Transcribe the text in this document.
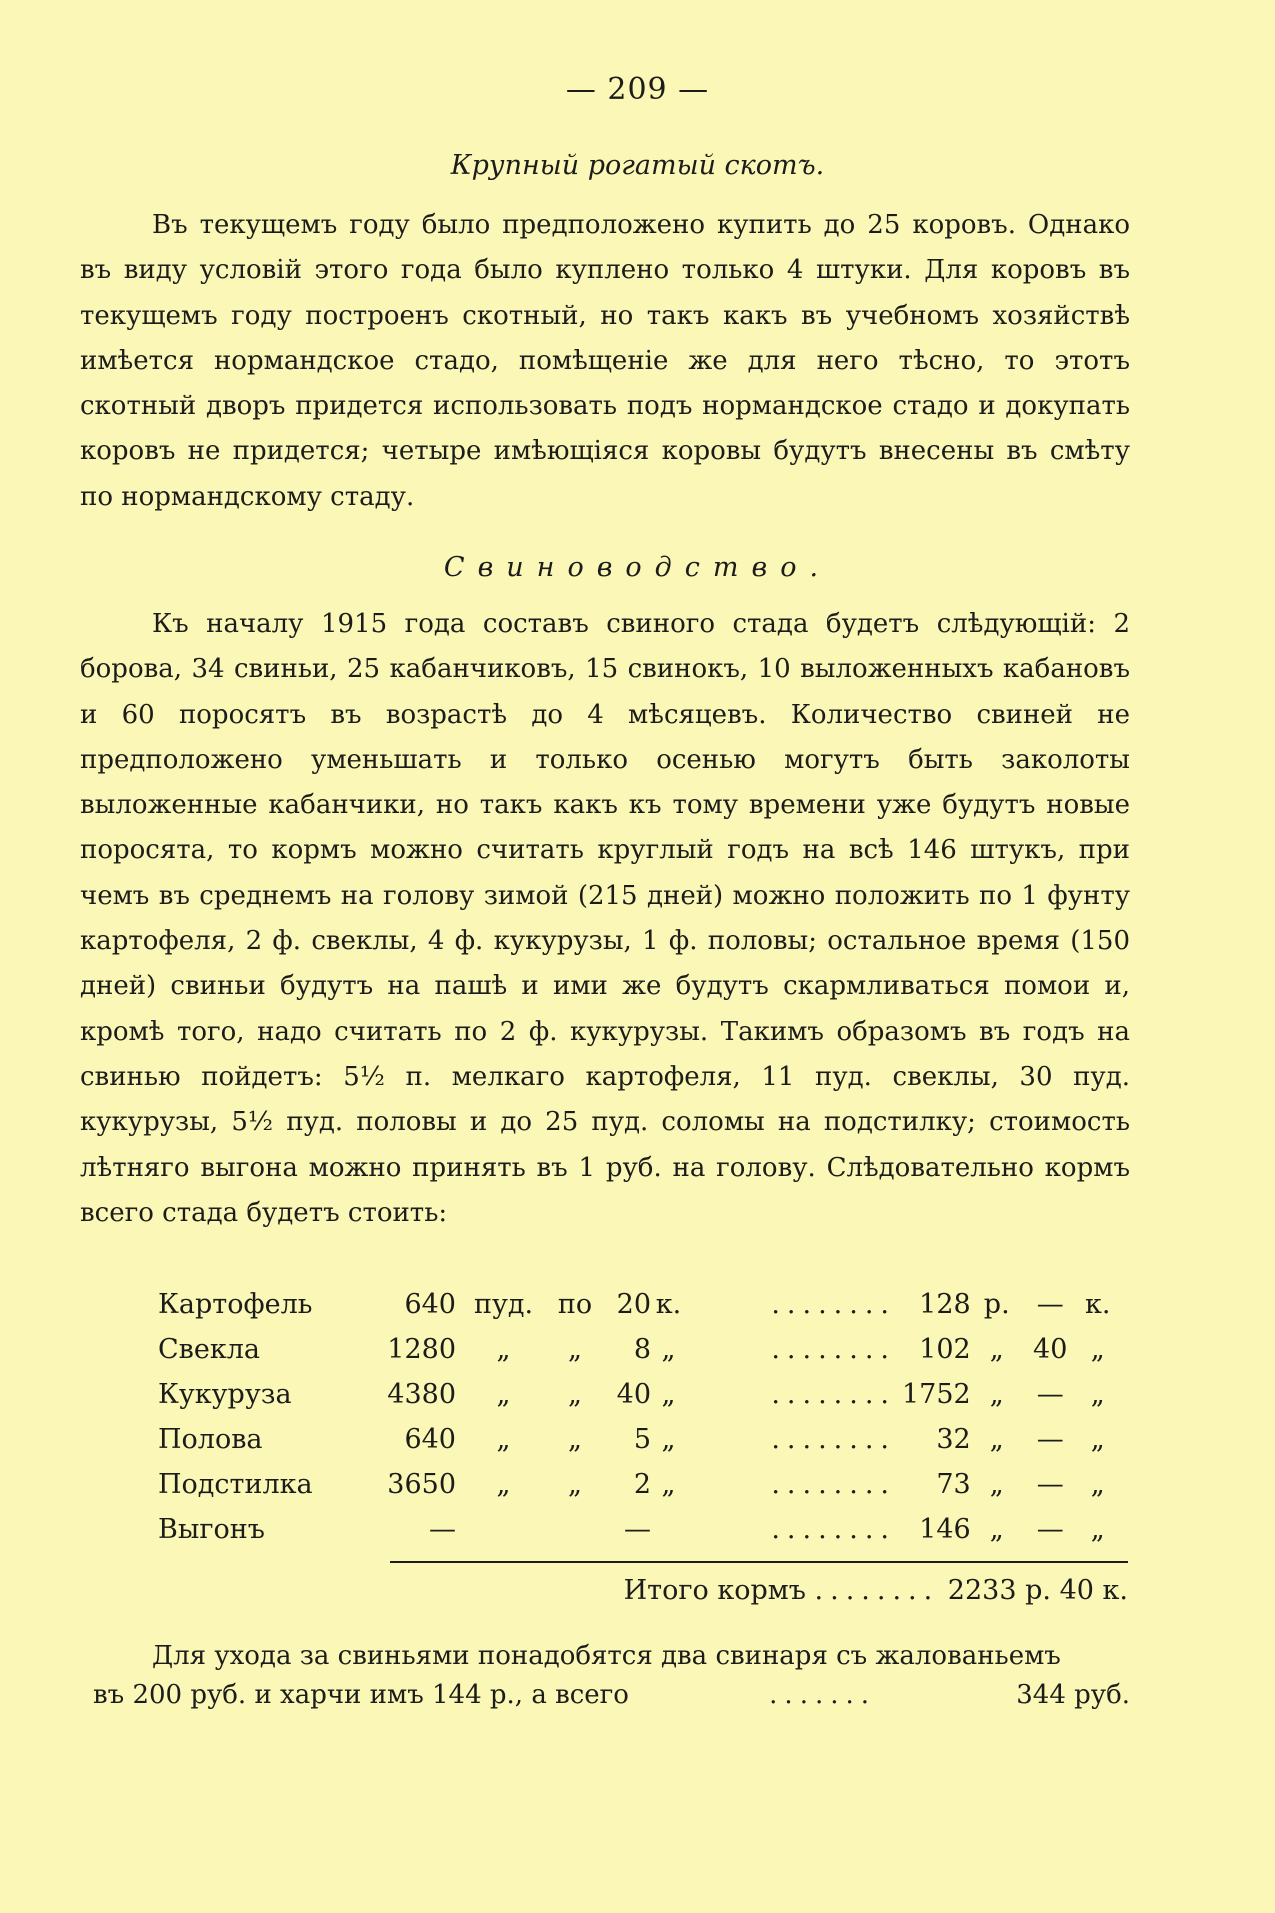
— 209 —
Крупный рогатый скотъ.
Въ текущемъ году было предположено купить до 25 коровъ. Однако въ виду условій этого года было куплено только 4 штуки. Для коровъ въ текущемъ году построенъ скотный, но такъ какъ въ учебномъ хозяйствѣ имѣется нормандское стадо, помѣщеніе же для него тѣсно, то этотъ скотный дворъ придется использовать подъ нормандское стадо и докупать коровъ не придется; четыре имѣющіяся коровы будутъ внесены въ смѣту по нормандскому стаду.
Свиноводство.
Къ началу 1915 года составъ свиного стада будетъ слѣдующій: 2 борова, 34 свиньи, 25 кабанчиковъ, 15 свинокъ, 10 выложенныхъ кабановъ и 60 поросятъ въ возрастѣ до 4 мѣсяцевъ. Количество свиней не предположено уменьшать и только осенью могутъ быть заколоты выложенные кабанчики, но такъ какъ къ тому времени уже будутъ новые поросята, то кормъ можно считать круглый годъ на всѣ 146 штукъ, при чемъ въ среднемъ на голову зимой (215 дней) можно положить по 1 фунту картофеля, 2 ф. свеклы, 4 ф. кукурузы, 1 ф. половы; остальное время (150 дней) свиньи будутъ на пашѣ и ими же будутъ скармливаться помои и, кромѣ того, надо считать по 2 ф. кукурузы. Такимъ образомъ въ годъ на свинью пойдетъ: 5½ п. мелкаго картофеля, 11 пуд. свеклы, 30 пуд. кукурузы, 5½ пуд. половы и до 25 пуд. соломы на подстилку; стоимость лѣтняго выгона можно принять въ 1 руб. на голову. Слѣдовательно кормъ всего стада будетъ стоить:
Картофель	640	пуд.	по	20	к.	........	128	р.	—	к.
Свекла	1280	„	„	8	„	........	102	„	40	„
Кукуруза	4380	„	„	40	„	........	1752	„	—	„
Полова	640	„	„	5	„	........	32	„	—	„
Подстилка	3650	„	„	2	„	........	73	„	—	„
Выгонъ	—			—		........	146	„	—	„
Итого кормъ ........ 2233 р. 40 к.
Для ухода за свиньями понадобятся два свинаря съ жалованьемъ
въ 200 руб. и харчи имъ 144 р., а всего	.......	344 руб.
